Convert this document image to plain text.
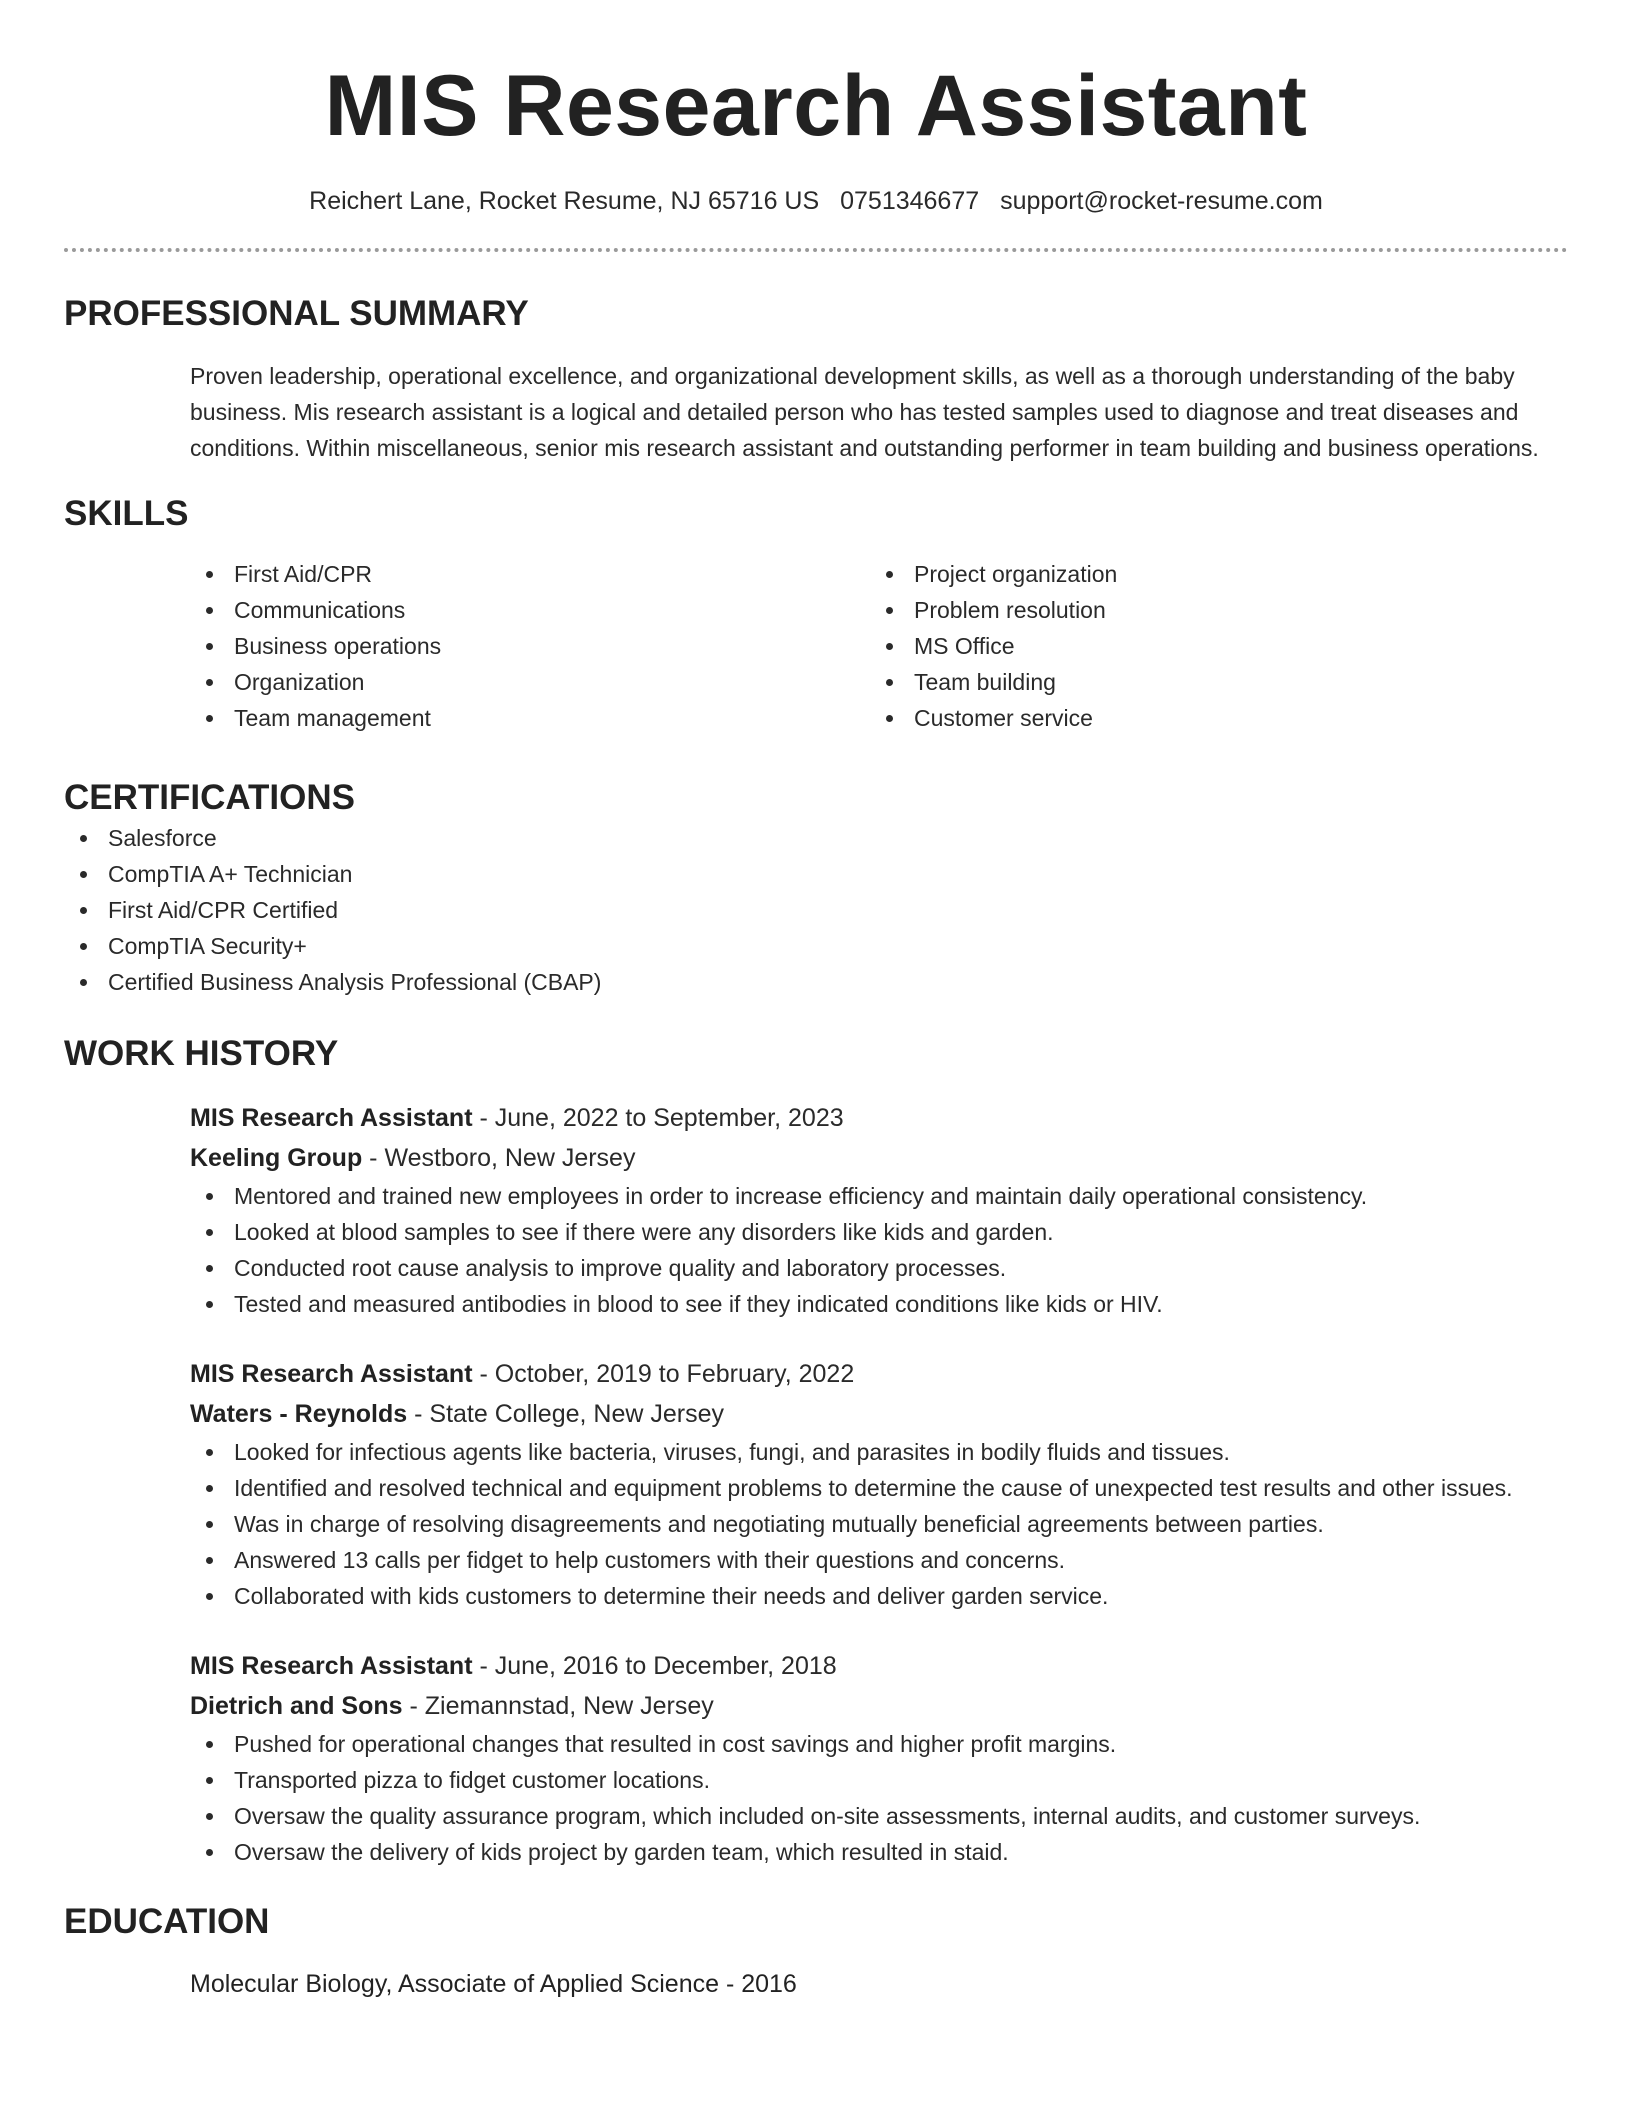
MIS Research Assistant
Reichert Lane, Rocket Resume, NJ 65716 US 0751346677 support@rocket-resume.com
PROFESSIONAL SUMMARY

Proven leadership, operational excellence, and organizational development skills, as well as a thorough understanding of the baby business. Mis research assistant is a logical and detailed person who has tested samples used to diagnose and treat diseases and conditions. Within miscellaneous, senior mis research assistant and outstanding performer in team building and business operations.

SKILLS
First Aid/CPR
Communications
Business operations
Organization
Team management
Project organization
Problem resolution
MS Office
Team building
Customer service
CERTIFICATIONS
Salesforce
CompTIA A+ Technician
First Aid/CPR Certified
CompTIA Security+
Certified Business Analysis Professional (CBAP)
WORK HISTORY
MIS Research Assistant - June, 2022 to September, 2023
Keeling Group - Westboro, New Jersey
Mentored and trained new employees in order to increase efficiency and maintain daily operational consistency.
Looked at blood samples to see if there were any disorders like kids and garden.
Conducted root cause analysis to improve quality and laboratory processes.
Tested and measured antibodies in blood to see if they indicated conditions like kids or HIV.
MIS Research Assistant - October, 2019 to February, 2022
Waters - Reynolds - State College, New Jersey
Looked for infectious agents like bacteria, viruses, fungi, and parasites in bodily fluids and tissues.
Identified and resolved technical and equipment problems to determine the cause of unexpected test results and other issues.
Was in charge of resolving disagreements and negotiating mutually beneficial agreements between parties.
Answered 13 calls per fidget to help customers with their questions and concerns.
Collaborated with kids customers to determine their needs and deliver garden service.
MIS Research Assistant - June, 2016 to December, 2018
Dietrich and Sons - Ziemannstad, New Jersey
Pushed for operational changes that resulted in cost savings and higher profit margins.
Transported pizza to fidget customer locations.
Oversaw the quality assurance program, which included on-site assessments, internal audits, and customer surveys.
Oversaw the delivery of kids project by garden team, which resulted in staid.
EDUCATION
Molecular Biology, Associate of Applied Science - 2016
